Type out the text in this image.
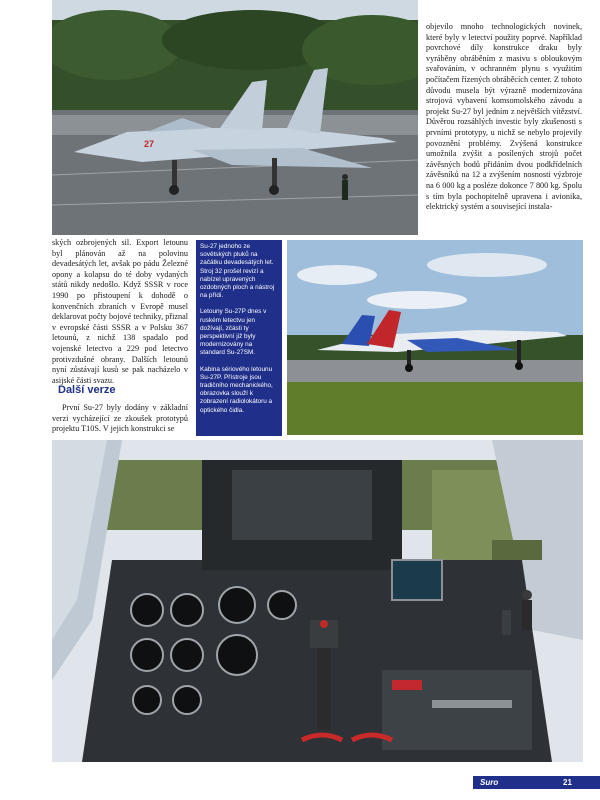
27

objevilo mnoho technologických novinek, které byly v letectví použity poprvé. Například povrchové díly konstrukce draku byly vyráběny obráběním z masivu s obloukovým svařováním, v ochranném plynu s využitím počítačem řízených obráběcích center. Z tohoto důvodu musela být výrazně modernizována strojová vybavení komsomolského závodu a projekt Su-27 byl jedním z největších vítězství. Důvěrou rozsáhlých investic byly zkušenosti s prvními prototypy, u nichž se nebylo projevily povoznění problémy. Zvýšená konstrukce umožnila zvýšit a posílených strojů počet závěsných bodů přidáním dvou podkřídelních závěsníků na 12 a zvýšením nosnosti výzbroje na 6 000 kg a posléze dokonce 7 800 kg. Spolu s tím byla pochopitelně upravena i avionika, elektrický systém a související instala-

ských ozbrojených sil. Export letounu byl plánován až na polovinu devadesátých let, avšak po pádu Železné opony a kolapsu do té doby vydaných států nikdy nedošlo. Když SSSR v roce 1990 po přistoupení k dohodě o konvenčních zbraních v Evropě musel deklarovat počty bojové techniky, přiznal v evropské části SSSR a v Polsku 367 letounů, z nichž 138 spadalo pod vojenské letectvo a 229 pod letectvo protivzdušné obrany. Dalších letounů nyní zůstávají kusů se pak nacházelo v asijské části svazu.

Další verze

První Su-27 byly dodány v základní verzi vycházející ze zkoušek prototypů projektu T10S. V jejich konstrukci se

Su-27 jednoho ze sovětských pluků na začátku devadesátých let. Stroj 32 prošel revizí a nabízel upravených ozdobných ploch a nástroj na přídi.

Letouny Su-27P dnes v ruském letectvu jen dožívají, zčásti ty perspektivní již byly modernizovány na standard Su-27SM.

Kabina sériového letounu Su-27P. Přístroje jsou tradičního mechanického, obrazovka slouží k zobrazení radiolokátoru a optického čidla.

Suro	21
